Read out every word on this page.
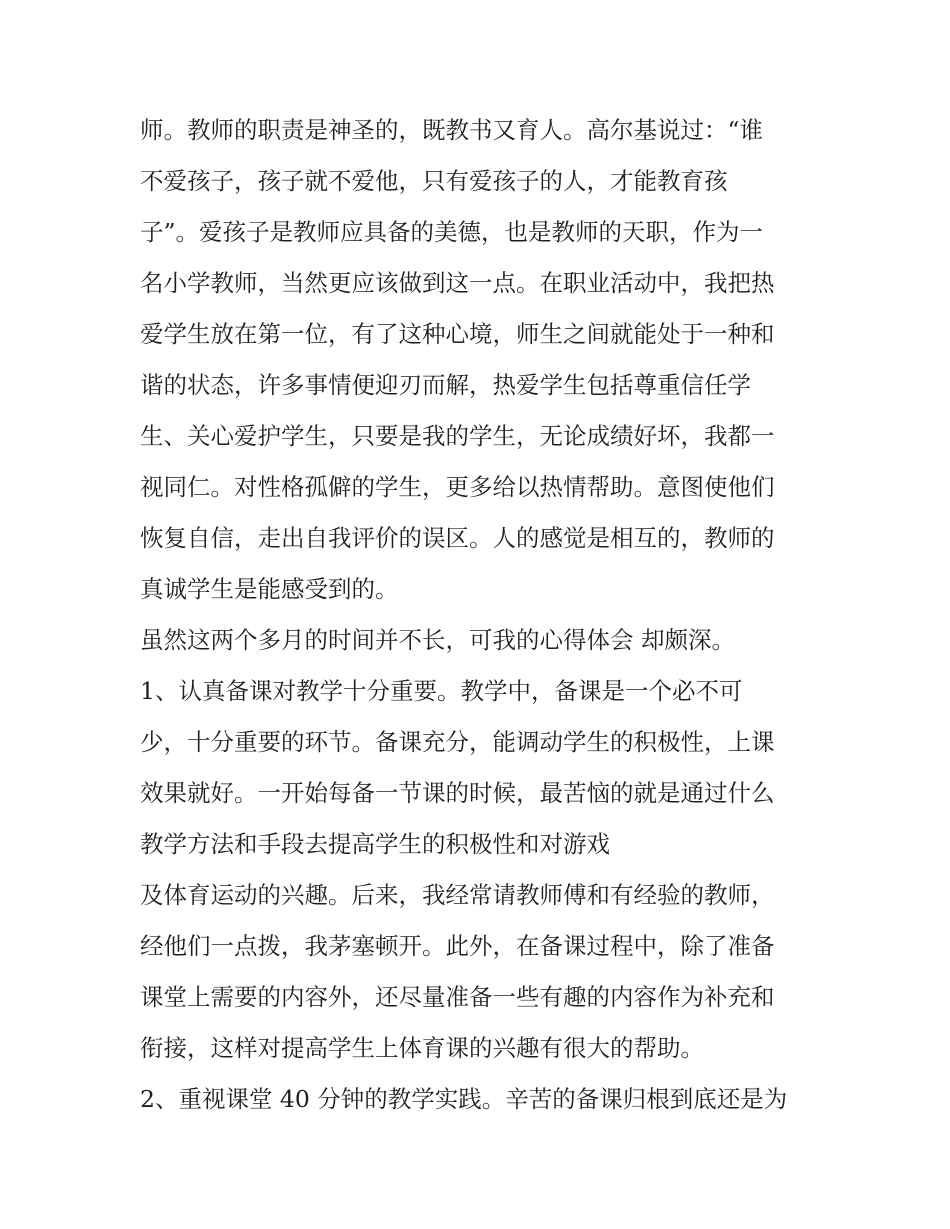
师。教师的职责是神圣的，既教书又育人。高尔基说过：“谁
不爱孩子，孩子就不爱他，只有爱孩子的人，才能教育孩
子”。爱孩子是教师应具备的美德，也是教师的天职，作为一
名小学教师，当然更应该做到这一点。在职业活动中，我把热
爱学生放在第一位，有了这种心境，师生之间就能处于一种和
谐的状态，许多事情便迎刃而解，热爱学生包括尊重信任学
生、关心爱护学生，只要是我的学生，无论成绩好坏，我都一
视同仁。对性格孤僻的学生，更多给以热情帮助。意图使他们
恢复自信，走出自我评价的误区。人的感觉是相互的，教师的
真诚学生是能感受到的。
虽然这两个多月的时间并不长，可我的心得体会 却颇深。
1、认真备课对教学十分重要。教学中，备课是一个必不可
少，十分重要的环节。备课充分，能调动学生的积极性，上课
效果就好。一开始每备一节课的时候，最苦恼的就是通过什么
教学方法和手段去提高学生的积极性和对游戏
及体育运动的兴趣。后来，我经常请教师傅和有经验的教师，
经他们一点拨，我茅塞顿开。此外，在备课过程中，除了准备
课堂上需要的内容外，还尽量准备一些有趣的内容作为补充和
衔接，这样对提高学生上体育课的兴趣有很大的帮助。
2、重视课堂 40 分钟的教学实践。辛苦的备课归根到底还是为
